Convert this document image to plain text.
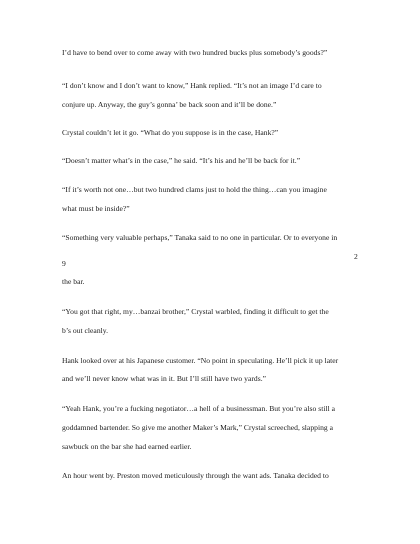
I’d have to bend over to come away with two hundred bucks plus somebody’s goods?”
“I don’t know and I don’t want to know,” Hank replied. “It’s not an image I’d care to
conjure up. Anyway, the guy’s gonna’ be back soon and it’ll be done.”
Crystal couldn’t let it go. “What do you suppose is in the case, Hank?”
“Doesn’t matter what’s in the case,” he said. “It’s his and he’ll be back for it.”
“If it’s worth not one…but two hundred clams just to hold the thing…can you imagine
what must be inside?”
“Something very valuable perhaps,” Tanaka said to no one in particular. Or to everyone in
2
9
the bar.
“You got that right, my…banzai brother,” Crystal warbled, finding it difficult to get the
b’s out cleanly.
Hank looked over at his Japanese customer. “No point in speculating. He’ll pick it up later
and we’ll never know what was in it. But I’ll still have two yards.”
“Yeah Hank, you’re a fucking negotiator…a hell of a businessman. But you’re also still a
goddamned bartender. So give me another Maker’s Mark,” Crystal screeched, slapping a
sawbuck on the bar she had earned earlier.
An hour went by. Preston moved meticulously through the want ads. Tanaka decided to
